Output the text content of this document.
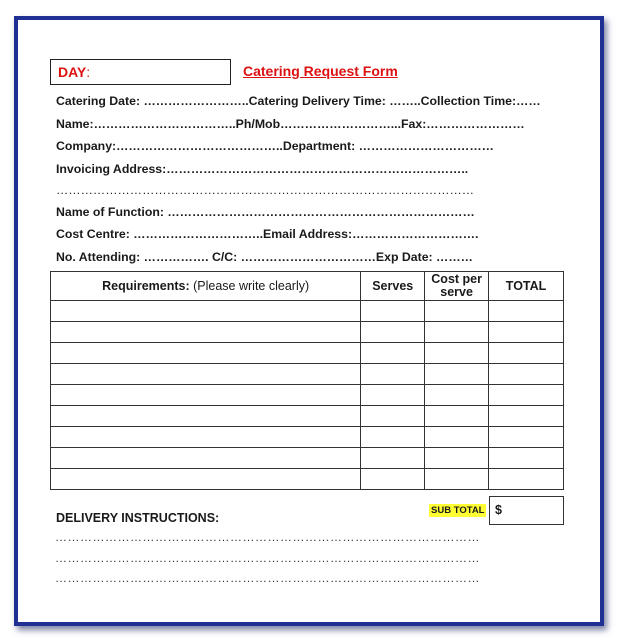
DAY:	Catering Request Form
Catering Date: ……………………..Catering Delivery Time: ……..Collection Time:……
Name:……………………………..Ph/Mob………………………...Fax:……………………
Company:…………………………………..Department: ……………………………
Invoicing Address:………………………………………………………………..
…………………………………………………………………………………………
Name of Function: …………………………………………………………………
Cost Centre: …………………………..Email Address:………………………….
No. Attending: ……………. C/C: ……………………………Exp Date: ………
Requirements: (Please write clearly)	Serves	Cost per serve	TOTAL

DELIVERY INSTRUCTIONS:
SUB TOTAL $
…………………………………………………………………………………………
…………………………………………………………………………………………
…………………………………………………………………………………………
